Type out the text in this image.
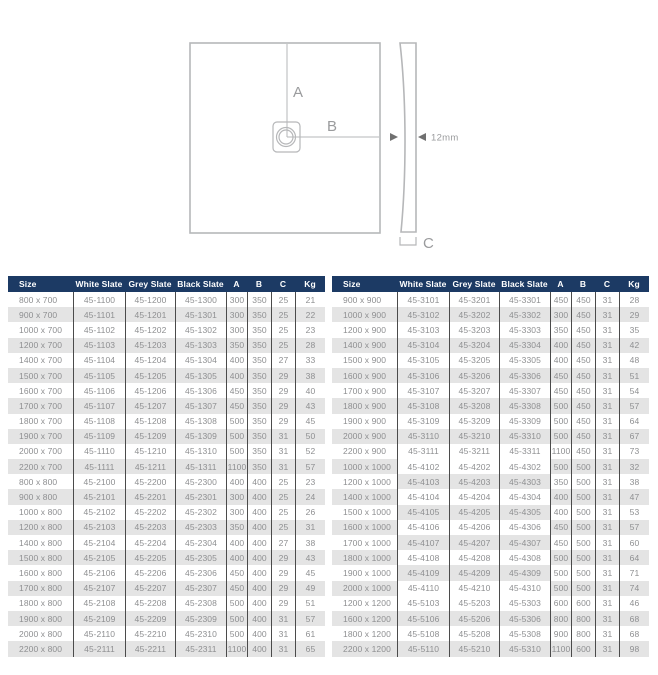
A
B
12mm
C
Size	White Slate Grey Slate Black Slate	A	B	C	Kg
800 x 700	45-1100	45-1200	45-1300	300 350	25	21
900 x 700	45-1101	45-1201	45-1301	300 350	25	22
1000 x 700	45-1102	45-1202	45-1302	300 350	25	23
1200 x 700	45-1103	45-1203	45-1303	350 350	25	28
1400 x 700	45-1104	45-1204	45-1304	400 350	27	33
1500 x 700	45-1105	45-1205	45-1305	400 350	29	38
1600 x 700	45-1106	45-1206	45-1306	450 350	29	40
1700 x 700	45-1107	45-1207	45-1307	450 350	29	43
1800 x 700	45-1108	45-1208	45-1308	500 350	29	45
1900 x 700	45-1109	45-1209	45-1309	500 350	31	50
2000 x 700	45-1110	45-1210	45-1310	500 350	31	52
2200 x 700	45-1111	45-1211	45-1311	1100 350	31	57
800 x 800	45-2100	45-2200	45-2300	400 400	25	23
900 x 800	45-2101	45-2201	45-2301	300 400	25	24
1000 x 800	45-2102	45-2202	45-2302	300 400	25	26
1200 x 800	45-2103	45-2203	45-2303	350 400	25	31
1400 x 800	45-2104	45-2204	45-2304	400 400	27	38
1500 x 800	45-2105	45-2205	45-2305	400 400	29	43
1600 x 800	45-2106	45-2206	45-2306	450 400	29	45
1700 x 800	45-2107	45-2207	45-2307	450 400	29	49
1800 x 800	45-2108	45-2208	45-2308	500 400	29	51
1900 x 800	45-2109	45-2209	45-2309	500 400	31	57
2000 x 800	45-2110	45-2210	45-2310	500 400	31	61
2200 x 800	45-2111	45-2211	45-2311	1100 400	31	65
Size	White Slate Grey Slate Black Slate	A	B	C	Kg
900 x 900	45-3101	45-3201	45-3301	450 450	31	28
1000 x 900	45-3102	45-3202	45-3302	300 450	31	29
1200 x 900	45-3103	45-3203	45-3303	350 450	31	35
1400 x 900	45-3104	45-3204	45-3304	400 450	31	42
1500 x 900	45-3105	45-3205	45-3305	400 450	31	48
1600 x 900	45-3106	45-3206	45-3306	450 450	31	51
1700 x 900	45-3107	45-3207	45-3307	450 450	31	54
1800 x 900	45-3108	45-3208	45-3308	500 450	31	57
1900 x 900	45-3109	45-3209	45-3309	500 450	31	64
2000 x 900	45-3110	45-3210	45-3310	500 450	31	67
2200 x 900	45-3111	45-3211	45-3311	1100 450	31	73
1000 x 1000	45-4102	45-4202	45-4302	500 500	31	32
1200 x 1000	45-4103	45-4203	45-4303	350 500	31	38
1400 x 1000	45-4104	45-4204	45-4304	400 500	31	47
1500 x 1000	45-4105	45-4205	45-4305	400 500	31	53
1600 x 1000	45-4106	45-4206	45-4306	450 500	31	57
1700 x 1000	45-4107	45-4207	45-4307	450 500	31	60
1800 x 1000	45-4108	45-4208	45-4308	500 500	31	64
1900 x 1000	45-4109	45-4209	45-4309	500 500	31	71
2000 x 1000	45-4110	45-4210	45-4310	500 500	31	74
1200 x 1200	45-5103	45-5203	45-5303	600 600	31	46
1600 x 1200	45-5106	45-5206	45-5306	800 800	31	68
1800 x 1200	45-5108	45-5208	45-5308	900 800	31	68
2200 x 1200	45-5110	45-5210	45-5310	1100 600	31	98
